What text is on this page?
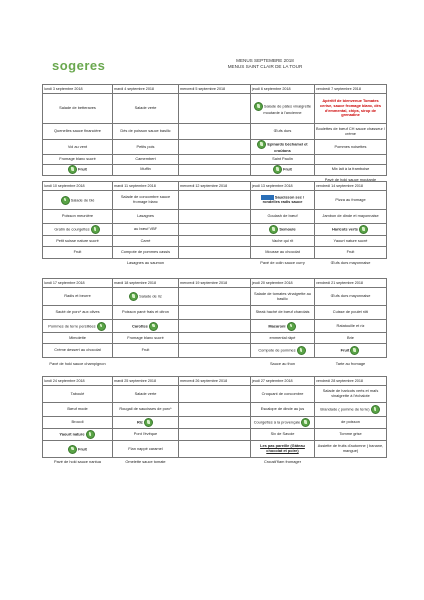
sogeres	MENUS SEPTEMBRE 2018
MENUS SAINT CLAIR DE LA TOUR
lundi 3 septembre 2018	mardi 4 septembre 2018	mercredi 5 septembre 2018	jeudi 6 septembre 2018	vendredi 7 septembre 2018
Salade de betteraves	Salade verte		Salade de pâtes vinaigrette moutarde à l'ancienne	Apéritif de bienvenue Tomates cerise, sauce fromage blanc, dés d'emmental, chips, sirop de grenadine
Quenelles sauce financière	Dés de poisson sauce basilic		Œufs durs	Boulettes de bœuf CH sauce chasseur / crème
Vol au vent	Petits pois		Epinards béchamel et croûtons	Pommes noisettes
Fromage blanc sucré	Camembert		Saint Paulin	
Fruit	Muffin		Fruit	Mix lait à la framboise
				Pavé de hoki sauce moutarde
lundi 10 septembre 2018	mardi 11 septembre 2018	mercredi 12 septembre 2018	jeudi 13 septembre 2018	vendredi 14 septembre 2018
Salade de blé	Salade de concombre sauce fromage blanc		Saucisson sec / rondelles radis sauce	Pizza au fromage
Poisson meunière	Lasagnes		Goulash de bœuf	Jambon de dinde et mayonnaise
Gratin de courgettes	au bœuf VBF		Semoule	Haricots verts
Petit suisse nature sucré	Carré		Vache qui rit	Yaourt nature sucré
Fruit	Compote de pommes cassis		Mousse au chocolat	Fruit
	Lasagnes au saumon		Pavé de colin sauce curry	Œufs durs mayonnaise
lundi 17 septembre 2018	mardi 18 septembre 2018	mercredi 19 septembre 2018	jeudi 20 septembre 2018	vendredi 21 septembre 2018
Radis et beurre	Salade de riz		Salade de tomates vinaigrette au basilic	Œufs durs mayonnaise
Sauté de porc* aux olives	Poisson pané frais et citron		Steak haché de bœuf charolais	Cuisse de poulet rôti
Pommes de terre persillées	Carottes		Macaroni	Ratatouille et riz
Mimolette	Fromage blanc sucré		emmental râpé	Brie
Crème dessert au chocolat	Fruit		Compote de pommes	Fruit
Pavé de hoki sauce champignon			Sauce au thon	Tarte au fromage
lundi 24 septembre 2018	mardi 25 septembre 2018	mercredi 26 septembre 2018	jeudi 27 septembre 2018	vendredi 28 septembre 2018
Taboulé	Salade verte		Croquant de concombre	Salade de haricots verts et maïs vinaigrette à l'échalote
Bœuf mode	Rougail de saucisses de porc*		Escalope de dinde au jus	Brandade ( pomme de terre)
Brocoli	Riz		Courgettes à la provençale	de poisson
Yaourt nature	Pont l'évêque		Six de Savoie	Tomme grise
Fruit	Flan nappé caramel		Les pas pareille (Gâteau chocolat et poire)	Assiette de fruits d'automne ( banane, mangue)
Pavé de hoki sauce nantua	Omelette sauce tomate		Crousti'flam fromager	
